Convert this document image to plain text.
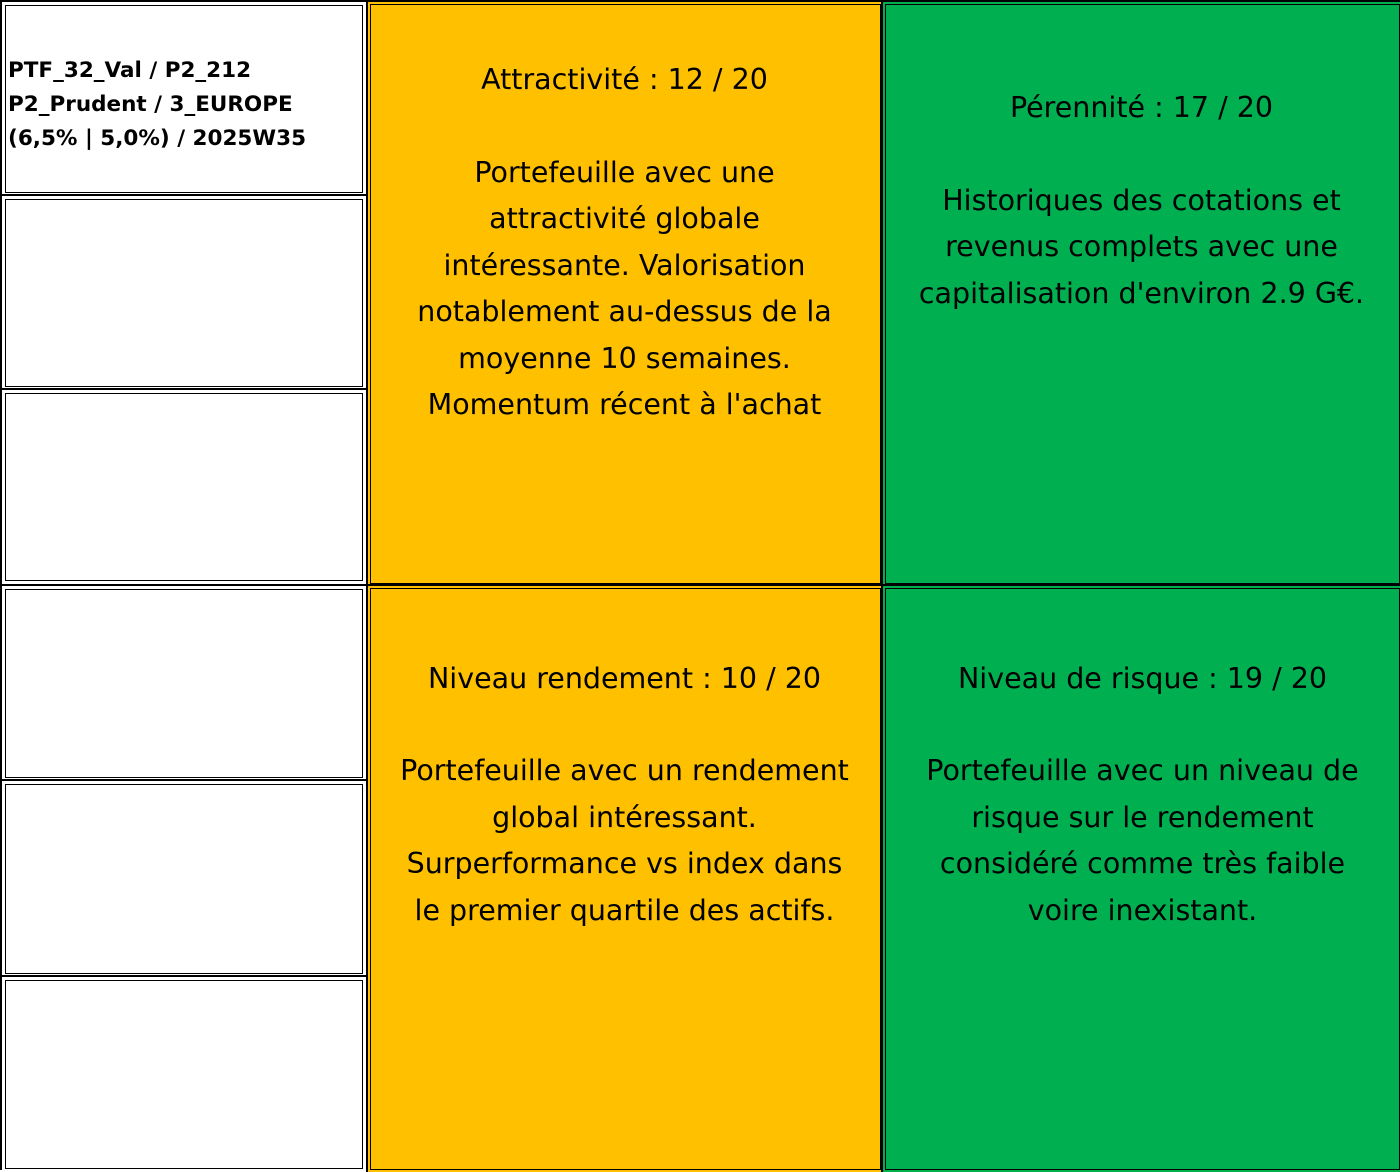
PTF_32_Val / P2_212
P2_Prudent / 3_EUROPE
(6,5% | 5,0%) / 2025W35
Attractivité : 12 / 20
Portefeuille avec une
attractivité globale
intéressante. Valorisation
notablement au-dessus de la
moyenne 10 semaines.
Momentum récent à l'achat
Pérennité : 17 / 20
Historiques des cotations et
revenus complets avec une
capitalisation d'environ 2.9 G€.
Niveau rendement : 10 / 20
Portefeuille avec un rendement
global intéressant.
Surperformance vs index dans
le premier quartile des actifs.
Niveau de risque : 19 / 20
Portefeuille avec un niveau de
risque sur le rendement
considéré comme très faible
voire inexistant.
